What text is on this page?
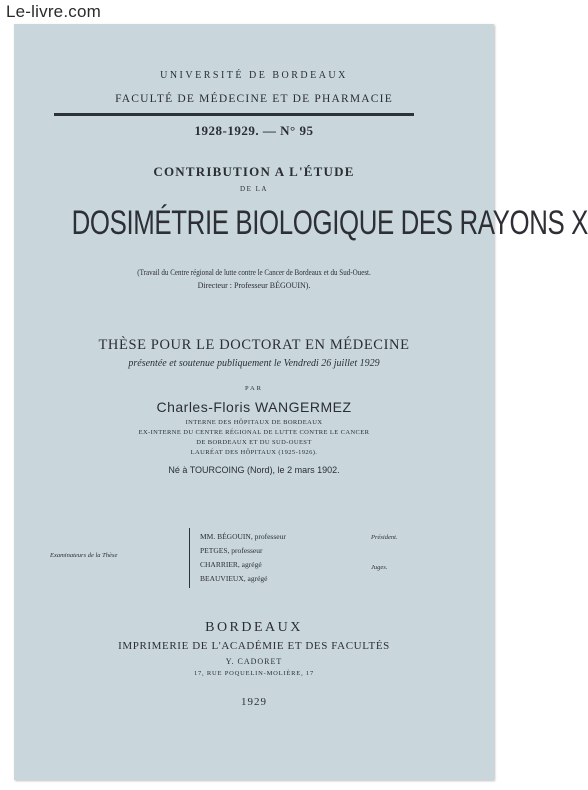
Le-livre.com
UNIVERSITÉ DE BORDEAUX
FACULTÉ DE MÉDECINE ET DE PHARMACIE
1928-1929. — N° 95
CONTRIBUTION A L'ÉTUDE
DE LA
DOSIMÉTRIE BIOLOGIQUE DES RAYONS X
(Travail du Centre régional de lutte contre le Cancer de Bordeaux et du Sud-Ouest.
Directeur : Professeur BÉGOUIN).
THÈSE POUR LE DOCTORAT EN MÉDECINE
présentée et soutenue publiquement le Vendredi 26 juillet 1929
PAR
Charles-Floris WANGERMEZ
INTERNE DES HÔPITAUX DE BORDEAUX
EX-INTERNE DU CENTRE RÉGIONAL DE LUTTE CONTRE LE CANCER
DE BORDEAUX ET DU SUD-OUEST
LAURÉAT DES HÔPITAUX (1925-1926).
Né à TOURCOING (Nord), le 2 mars 1902.
Examinateurs de la Thèse
MM. BÉGOUIN, professeur
PETGES, professeur
CHARRIER, agrégé
BEAUVIEUX, agrégé
Président.
Juges.
BORDEAUX
IMPRIMERIE DE L'ACADÉMIE ET DES FACULTÉS
Y. CADORET
17, RUE POQUELIN-MOLIÈRE, 17
1929
